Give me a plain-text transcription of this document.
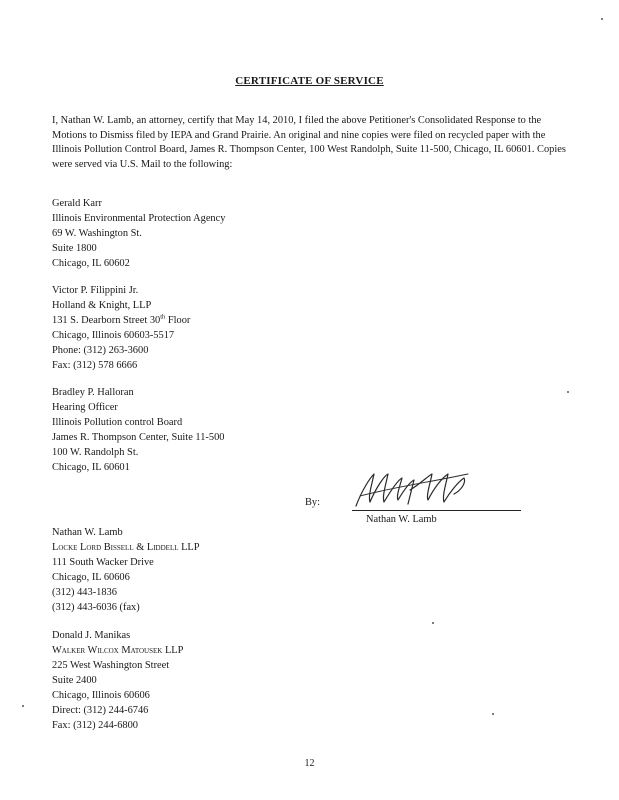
CERTIFICATE OF SERVICE
I, Nathan W. Lamb, an attorney, certify that May 14, 2010, I filed the above Petitioner's Consolidated Response to the Motions to Dismiss filed by IEPA and Grand Prairie. An original and nine copies were filed on recycled paper with the Illinois Pollution Control Board, James R. Thompson Center, 100 West Randolph, Suite 11-500, Chicago, IL 60601. Copies were served via U.S. Mail to the following:
Gerald Karr
Illinois Environmental Protection Agency
69 W. Washington St.
Suite 1800
Chicago, IL 60602
Victor P. Filippini Jr.
Holland & Knight, LLP
131 S. Dearborn Street 30th Floor
Chicago, Illinois 60603-5517
Phone: (312) 263-3600
Fax: (312) 578 6666
Bradley P. Halloran
Hearing Officer
Illinois Pollution control Board
James R. Thompson Center, Suite 11-500
100 W. Randolph St.
Chicago, IL 60601
By:
Nathan W. Lamb
Nathan W. Lamb
Locke Lord Bissell & Liddell LLP
111 South Wacker Drive
Chicago, IL 60606
(312) 443-1836
(312) 443-6036 (fax)
Donald J. Manikas
Walker Wilcox Matousek LLP
225 West Washington Street
Suite 2400
Chicago, Illinois 60606
Direct: (312) 244-6746
Fax: (312) 244-6800
12
